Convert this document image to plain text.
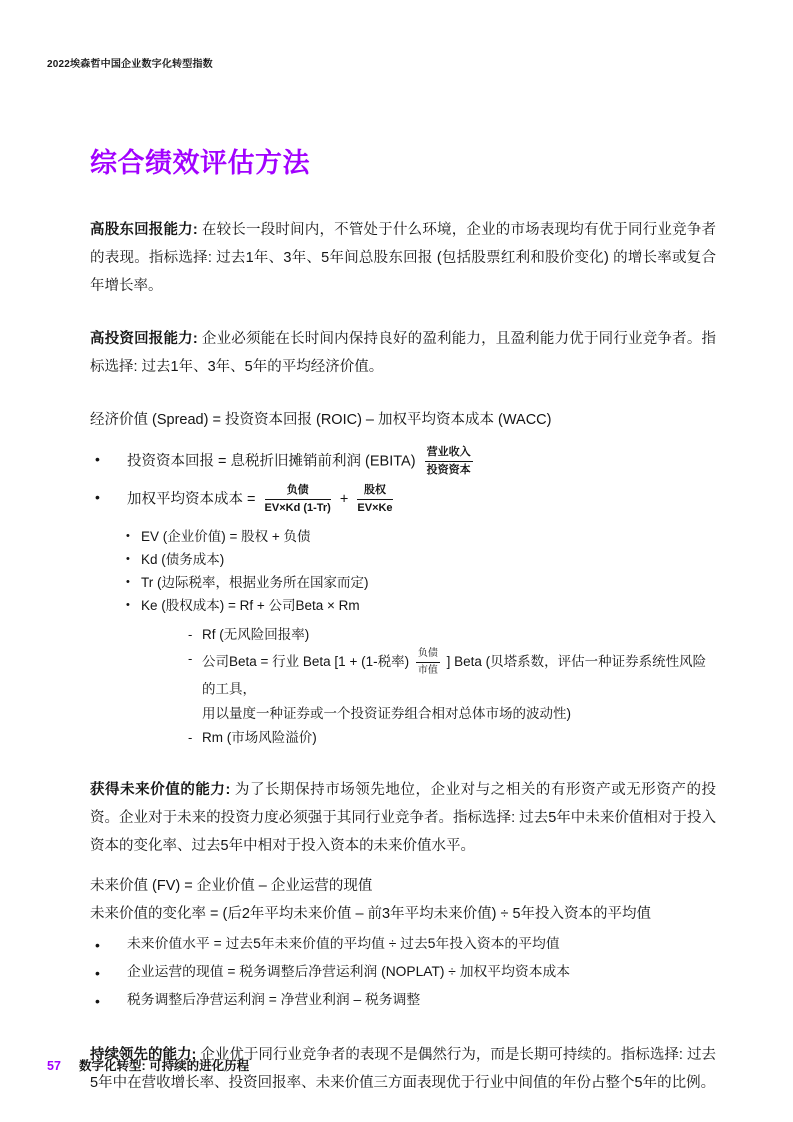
2022埃森哲中国企业数字化转型指数
综合绩效评估方法

高股东回报能力: 在较长一段时间内，不管处于什么环境，企业的市场表现均有优于同行业竞争者的表现。指标选择: 过去1年、3年、5年间总股东回报 (包括股票红利和股价变化) 的增长率或复合年增长率。

高投资回报能力: 企业必须能在长时间内保持良好的盈利能力，且盈利能力优于同行业竞争者。指标选择: 过去1年、3年、5年的平均经济价值。

经济价值 (Spread) = 投资资本回报 (ROIC) – 加权平均资本成本 (WACC)
•	投资资本回报 = 息税折旧摊销前利润 (EBITA) $\frac{\text{营业收入}}{\text{投资资本}}$
•	加权平均资本成本 = $\frac{\text{负债}}{EV\times Kd (1-Tr)} + \frac{\text{股权}}{EV\times Ke}$
• EV (企业价值) = 股权 + 负债
• Kd (债务成本)
• Tr (边际税率，根据业务所在国家而定)
• Ke (股权成本) = Rf + 公司Beta × Rm
- Rf (无风险回报率)
- 公司Beta = 行业 Beta [1 + (1-税率) $\frac{\text{负债}}{\text{市值}}$ ] Beta (贝塔系数，评估一种证券系统性风险的工具，
用以量度一种证券或一个投资证券组合相对总体市场的波动性)
- Rm (市场风险溢价)

获得未来价值的能力: 为了长期保持市场领先地位，企业对与之相关的有形资产或无形资产的投资。企业对于未来的投资力度必须强于其同行业竞争者。指标选择: 过去5年中未来价值相对于投入资本的变化率、过去5年中相对于投入资本的未来价值水平。

未来价值 (FV) = 企业价值 – 企业运营的现值
未来价值的变化率 = (后2年平均未来价值 – 前3年平均未来价值) ÷ 5年投入资本的平均值
•	未来价值水平 = 过去5年未来价值的平均值 ÷ 过去5年投入资本的平均值
•	企业运营的现值 = 税务调整后净营运利润 (NOPLAT) ÷ 加权平均资本成本
•	税务调整后净营运利润 = 净营业利润 – 税务调整

持续领先的能力: 企业优于同行业竞争者的表现不是偶然行为，而是长期可持续的。指标选择: 过去5年中在营收增长率、投资回报率、未来价值三方面表现优于行业中间值的年份占整个5年的比例。

57	数字化转型: 可持续的进化历程
